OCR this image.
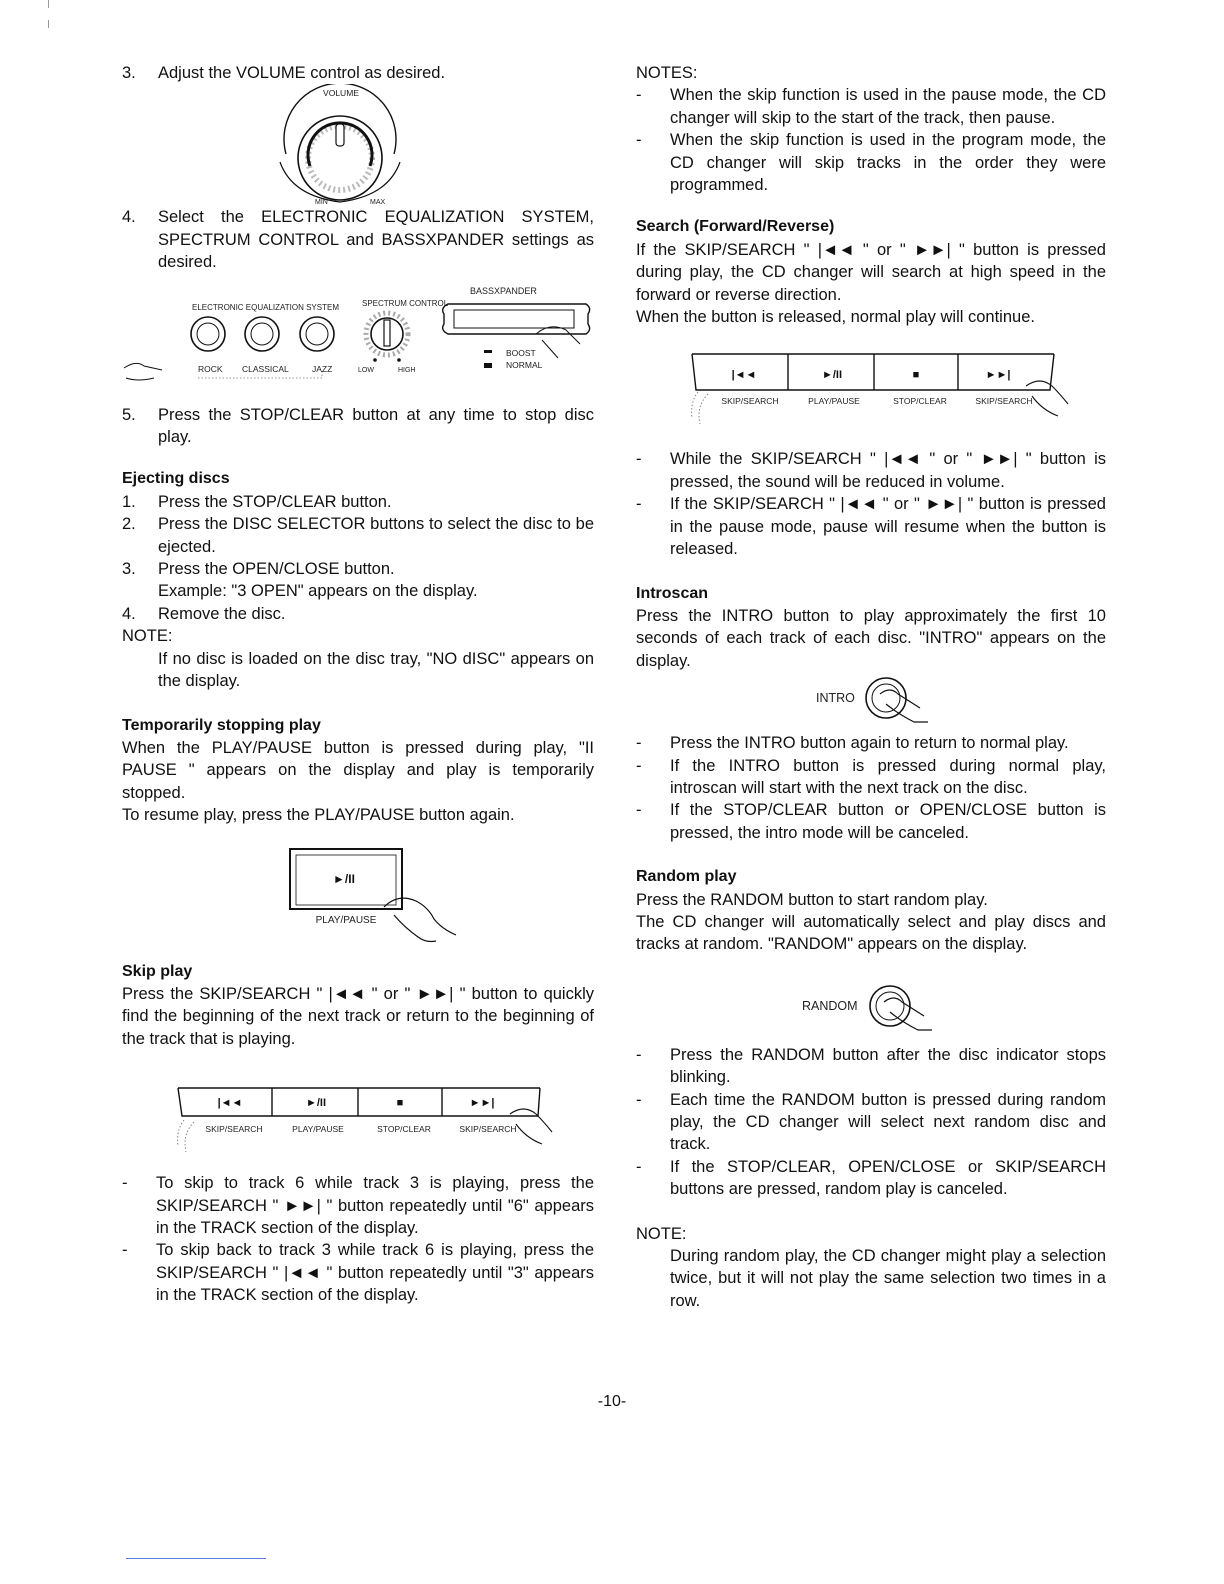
3. Adjust the VOLUME control as desired.
VOLUME
MIN	MAX
4. Select the ELECTRONIC EQUALIZATION SYSTEM, SPECTRUM CONTROL and BASSXPANDER settings as desired.
ELECTRONIC EQUALIZATION SYSTEM	SPECTRUM CONTROL
BASSXPANDER
ROCK CLASSICAL	JAZZ	LOW	HIGH
BOOST
NORMAL
5. Press the STOP/CLEAR button at any time to stop disc play.
Ejecting discs
1. Press the STOP/CLEAR button.
2. Press the DISC SELECTOR buttons to select the disc to be ejected.
3. Press the OPEN/CLOSE button.
Example: "3 OPEN" appears on the display.
4. Remove the disc.
NOTE:
If no disc is loaded on the disc tray, "NO dISC" appears on the display.
Temporarily stopping play
When the PLAY/PAUSE button is pressed during play, "II PAUSE " appears on the display and play is temporarily stopped.
To resume play, press the PLAY/PAUSE button again.
►/II
PLAY/PAUSE
Skip play
Press the SKIP/SEARCH " |◄◄ " or " ►►| " button to quickly find the beginning of the next track or return to the beginning of the track that is playing.
|◄◄	►/II	■	►►|
SKIP/SEARCH	PLAY/PAUSE	STOP/CLEAR	SKIP/SEARCH
- To skip to track 6 while track 3 is playing, press the SKIP/SEARCH " ►►| " button repeatedly until "6" appears in the TRACK section of the display.
- To skip back to track 3 while track 6 is playing, press the SKIP/SEARCH " |◄◄ " button repeatedly until "3" appears in the TRACK section of the display.
NOTES:
- When the skip function is used in the pause mode, the CD changer will skip to the start of the track, then pause.
- When the skip function is used in the program mode, the CD changer will skip tracks in the order they were programmed.
Search (Forward/Reverse)
If the SKIP/SEARCH " |◄◄ " or " ►►| " button is pressed during play, the CD changer will search at high speed in the forward or reverse direction.
When the button is released, normal play will continue.
|◄◄	►/II	■	►►|
SKIP/SEARCH	PLAY/PAUSE	STOP/CLEAR	SKIP/SEARCH
- While the SKIP/SEARCH " |◄◄ " or " ►►| " button is pressed, the sound will be reduced in volume.
- If the SKIP/SEARCH " |◄◄ " or " ►►| " button is pressed in the pause mode, pause will resume when the button is released.
Introscan
Press the INTRO button to play approximately the first 10 seconds of each track of each disc. "INTRO" appears on the display.
INTRO
- Press the INTRO button again to return to normal play.
- If the INTRO button is pressed during normal play, introscan will start with the next track on the disc.
- If the STOP/CLEAR button or OPEN/CLOSE button is pressed, the intro mode will be canceled.
Random play
Press the RANDOM button to start random play.
The CD changer will automatically select and play discs and tracks at random. "RANDOM" appears on the display.
RANDOM
- Press the RANDOM button after the disc indicator stops blinking.
- Each time the RANDOM button is pressed during random play, the CD changer will select next random disc and track.
- If the STOP/CLEAR, OPEN/CLOSE or SKIP/SEARCH buttons are pressed, random play is canceled.
NOTE:
During random play, the CD changer might play a selection twice, but it will not play the same selection two times in a row.
-10-
